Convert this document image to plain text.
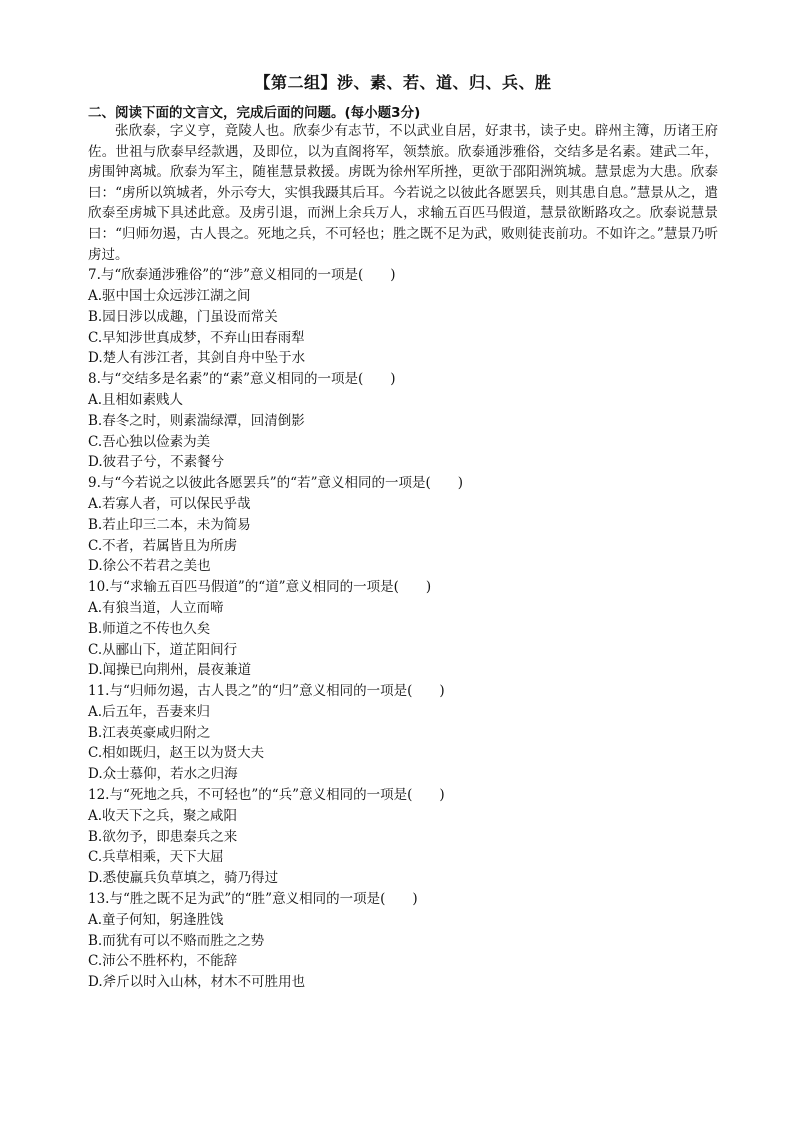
【第二组】涉、素、若、道、归、兵、胜

二、阅读下面的文言文，完成后面的问题。(每小题3分)

张欣泰，字义亨，竟陵人也。欣泰少有志节，不以武业自居，好隶书，读子史。辟州主簿，历诸王府佐。世祖与欣泰早经款遇，及即位，以为直阁将军，领禁旅。欣泰通涉雅俗，交结多是名素。建武二年，虏围钟离城。欣泰为军主，随崔慧景救援。虏既为徐州军所挫，更欲于邵阳洲筑城。慧景虑为大患。欣泰曰：“虏所以筑城者，外示夸大，实惧我蹑其后耳。今若说之以彼此各愿罢兵，则其患自息。”慧景从之，遣欣泰至虏城下具述此意。及虏引退，而洲上余兵万人，求输五百匹马假道，慧景欲断路攻之。欣泰说慧景曰：“归师勿遏，古人畏之。死地之兵，不可轻也；胜之既不足为武，败则徒丧前功。不如许之。”慧景乃听虏过。

7.与“欣泰通涉雅俗”的“涉”意义相同的一项是(　　)

A.驱中国士众远涉江湖之间

B.园日涉以成趣，门虽设而常关

C.早知涉世真成梦，不弃山田春雨犁

D.楚人有涉江者，其剑自舟中坠于水

8.与“交结多是名素”的“素”意义相同的一项是(　　)

A.且相如素贱人

B.春冬之时，则素湍绿潭，回清倒影

C.吾心独以俭素为美

D.彼君子兮，不素餐兮

9.与“今若说之以彼此各愿罢兵”的“若”意义相同的一项是(　　)

A.若寡人者，可以保民乎哉

B.若止印三二本，未为简易

C.不者，若属皆且为所虏

D.徐公不若君之美也

10.与“求输五百匹马假道”的“道”意义相同的一项是(　　)

A.有狼当道，人立而啼

B.师道之不传也久矣

C.从郦山下，道芷阳间行

D.闻操已向荆州，晨夜兼道

11.与“归师勿遏，古人畏之”的“归”意义相同的一项是(　　)

A.后五年，吾妻来归

B.江表英豪咸归附之

C.相如既归，赵王以为贤大夫

D.众士慕仰，若水之归海

12.与“死地之兵，不可轻也”的“兵”意义相同的一项是(　　)

A.收天下之兵，聚之咸阳

B.欲勿予，即患秦兵之来

C.兵草相乘，天下大屈

D.悉使羸兵负草填之，骑乃得过

13.与“胜之既不足为武”的“胜”意义相同的一项是(　　)

A.童子何知，躬逢胜饯

B.而犹有可以不赂而胜之之势

C.沛公不胜杯杓，不能辞

D.斧斤以时入山林，材木不可胜用也
